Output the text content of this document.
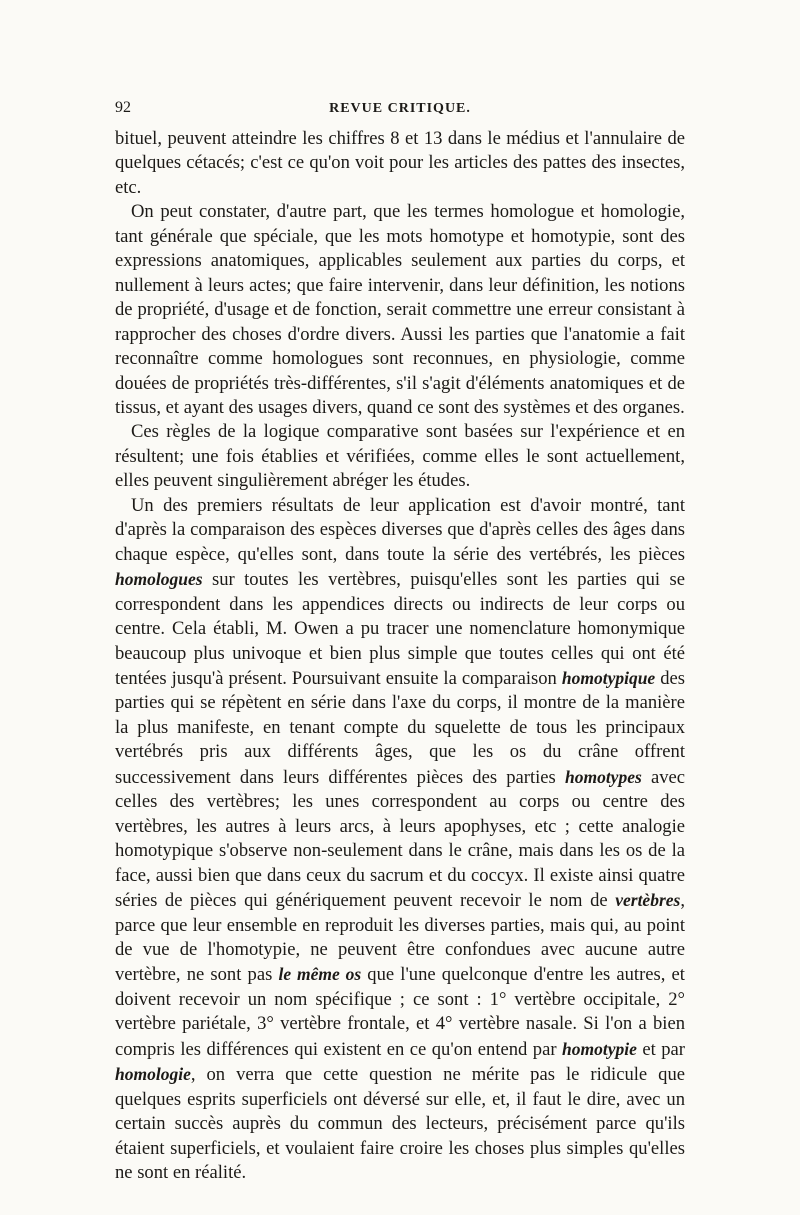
92	REVUE CRITIQUE.

bituel, peuvent atteindre les chiffres 8 et 13 dans le médius et l'annulaire de quelques cétacés; c'est ce qu'on voit pour les articles des pattes des insectes, etc.

On peut constater, d'autre part, que les termes homologue et homologie, tant générale que spéciale, que les mots homotype et homotypie, sont des expressions anatomiques, applicables seulement aux parties du corps, et nullement à leurs actes; que faire intervenir, dans leur définition, les notions de propriété, d'usage et de fonction, serait commettre une erreur consistant à rapprocher des choses d'ordre divers. Aussi les parties que l'anatomie a fait reconnaître comme homologues sont reconnues, en physiologie, comme douées de propriétés très-différentes, s'il s'agit d'éléments anatomiques et de tissus, et ayant des usages divers, quand ce sont des systèmes et des organes.

Ces règles de la logique comparative sont basées sur l'expérience et en résultent; une fois établies et vérifiées, comme elles le sont actuellement, elles peuvent singulièrement abréger les études.

Un des premiers résultats de leur application est d'avoir montré, tant d'après la comparaison des espèces diverses que d'après celles des âges dans chaque espèce, qu'elles sont, dans toute la série des vertébrés, les pièces homologues sur toutes les vertèbres, puisqu'elles sont les parties qui se correspondent dans les appendices directs ou indirects de leur corps ou centre. Cela établi, M. Owen a pu tracer une nomenclature homonymique beaucoup plus univoque et bien plus simple que toutes celles qui ont été tentées jusqu'à présent. Poursuivant ensuite la comparaison homotypique des parties qui se répètent en série dans l'axe du corps, il montre de la manière la plus manifeste, en tenant compte du squelette de tous les principaux vertébrés pris aux différents âges, que les os du crâne offrent successivement dans leurs différentes pièces des parties homotypes avec celles des vertèbres; les unes correspondent au corps ou centre des vertèbres, les autres à leurs arcs, à leurs apophyses, etc ; cette analogie homotypique s'observe non-seulement dans le crâne, mais dans les os de la face, aussi bien que dans ceux du sacrum et du coccyx. Il existe ainsi quatre séries de pièces qui génériquement peuvent recevoir le nom de vertèbres, parce que leur ensemble en reproduit les diverses parties, mais qui, au point de vue de l'homotypie, ne peuvent être confondues avec aucune autre vertèbre, ne sont pas le même os que l'une quelconque d'entre les autres, et doivent recevoir un nom spécifique ; ce sont : 1° vertèbre occipitale, 2° vertèbre pariétale, 3° vertèbre frontale, et 4° vertèbre nasale. Si l'on a bien compris les différences qui existent en ce qu'on entend par homotypie et par homologie, on verra que cette question ne mérite pas le ridicule que quelques esprits superficiels ont déversé sur elle, et, il faut le dire, avec un certain succès auprès du commun des lecteurs, précisément parce qu'ils étaient superficiels, et voulaient faire croire les choses plus simples qu'elles ne sont en réalité.
